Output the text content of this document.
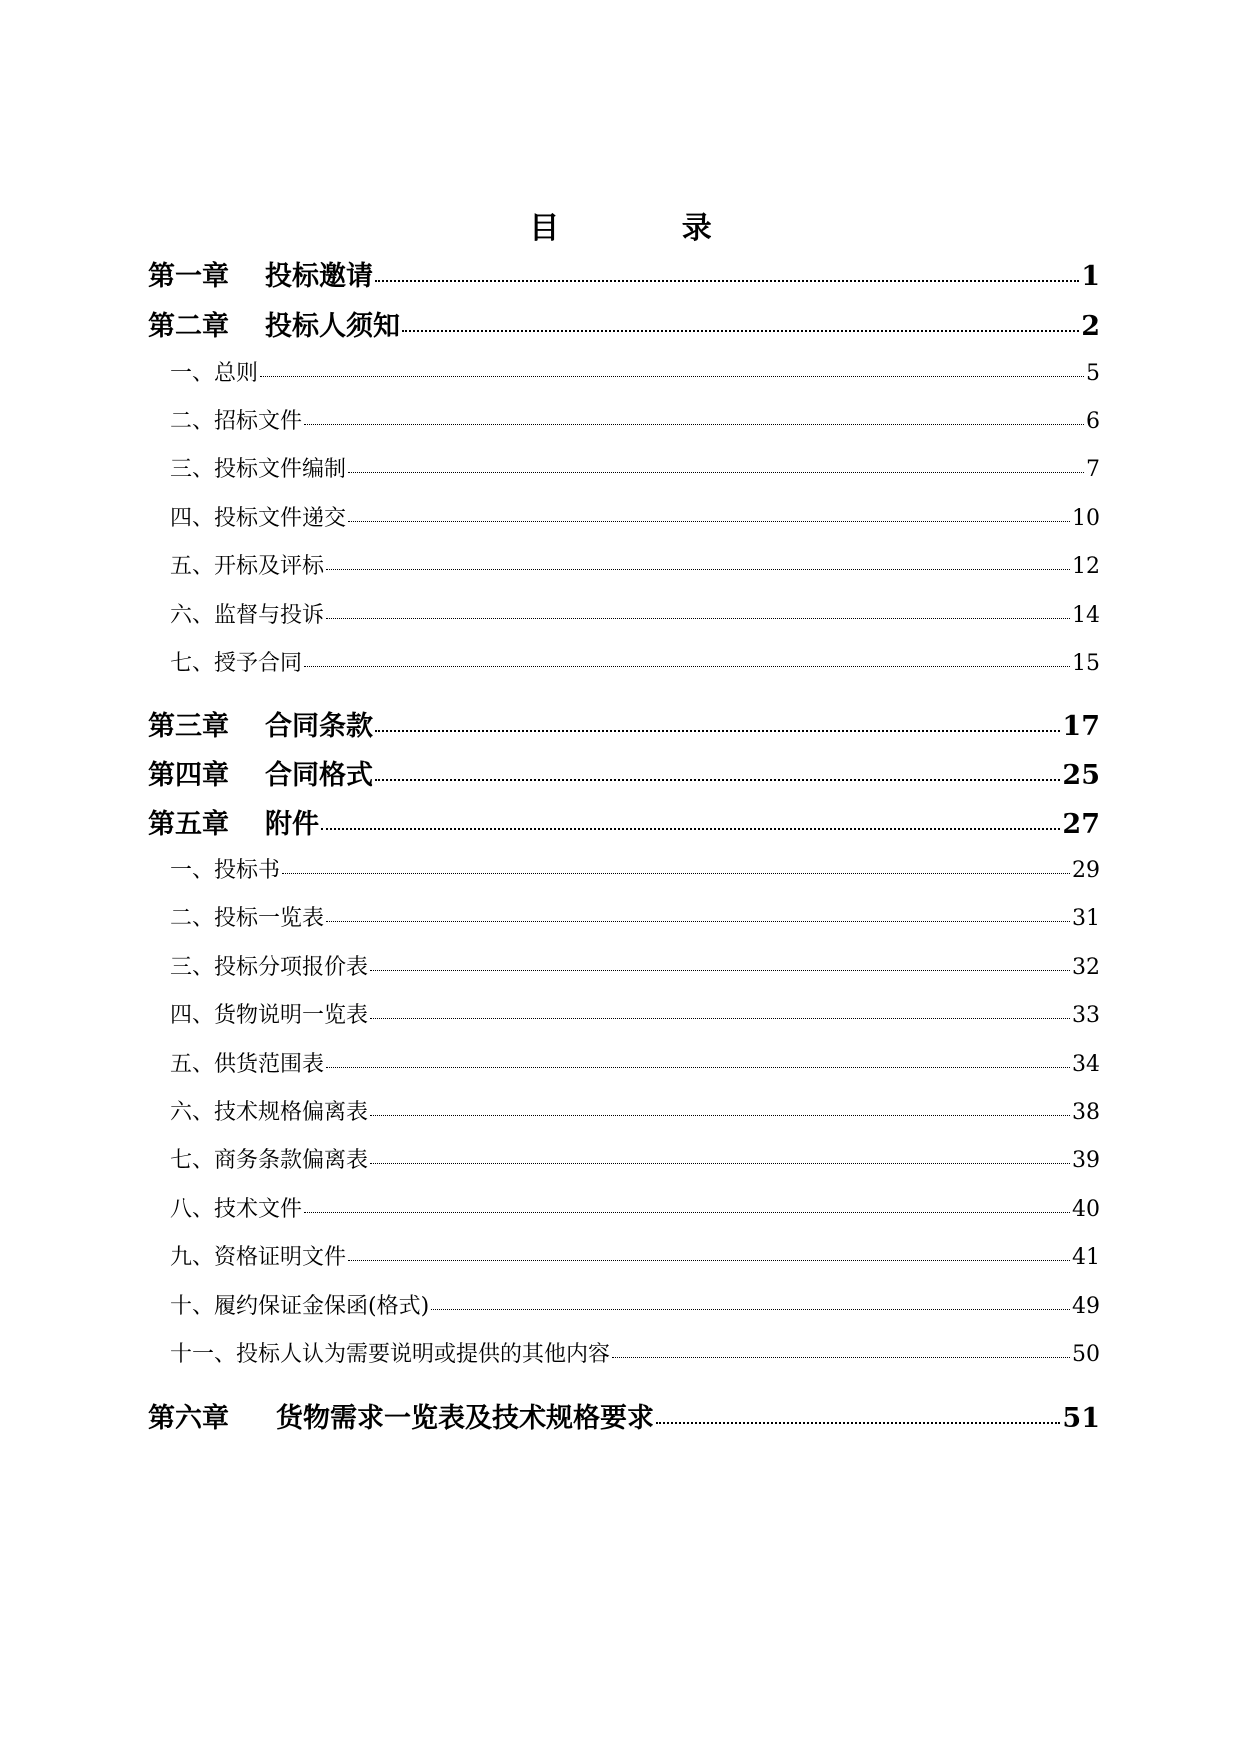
目 录
第一章	投标邀请	1
第二章	投标人须知	2
一、总则	5
二、招标文件	6
三、投标文件编制	7
四、投标文件递交	10
五、开标及评标	12
六、监督与投诉	14
七、授予合同	15
第三章	合同条款	17
第四章	合同格式	25
第五章	附件	27
一、投标书	29
二、投标一览表	31
三、投标分项报价表	32
四、货物说明一览表	33
五、供货范围表	34
六、技术规格偏离表	38
七、商务条款偏离表	39
八、技术文件	40
九、资格证明文件	41
十、履约保证金保函(格式)	49
十一、投标人认为需要说明或提供的其他内容	50
第六章	货物需求一览表及技术规格要求	51
